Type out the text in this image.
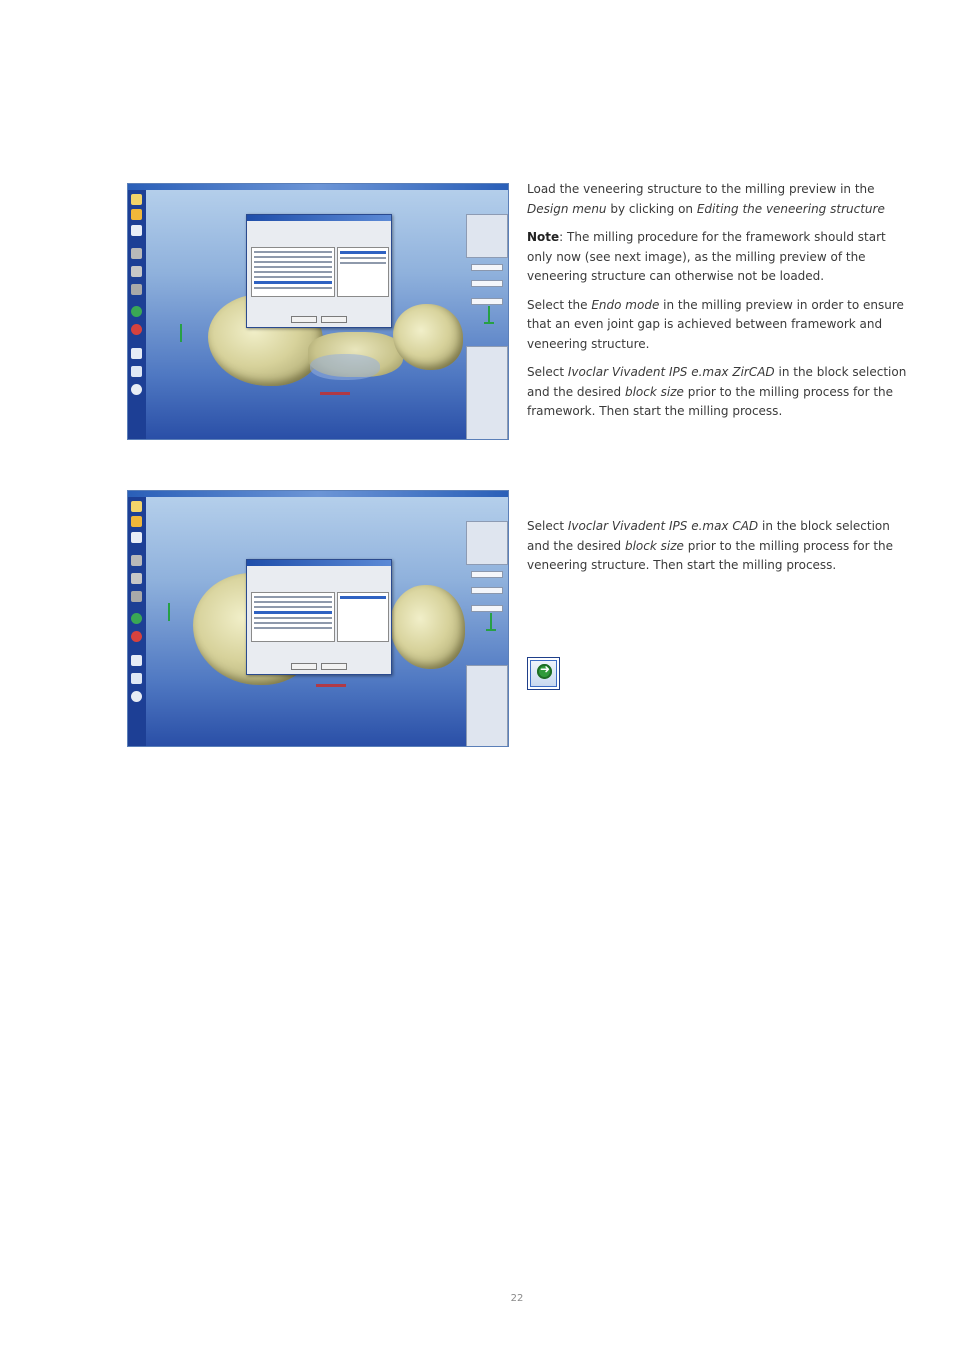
Load the veneering structure to the milling preview in the Design menu by clicking on Editing the veneering structure

Note: The milling procedure for the framework should start only now (see next image), as the milling preview of the veneering structure can otherwise not be loaded.

Select the Endo mode in the milling preview in order to ensure that an even joint gap is achieved between framework and veneering structure.

Select Ivoclar Vivadent IPS e.max ZirCAD in the block selection and the desired block size prior to the milling process for the framework. Then start the milling process.

Select Ivoclar Vivadent IPS e.max CAD in the block selection and the desired block size prior to the milling process for the veneering structure. Then start the milling process.

➜
22
